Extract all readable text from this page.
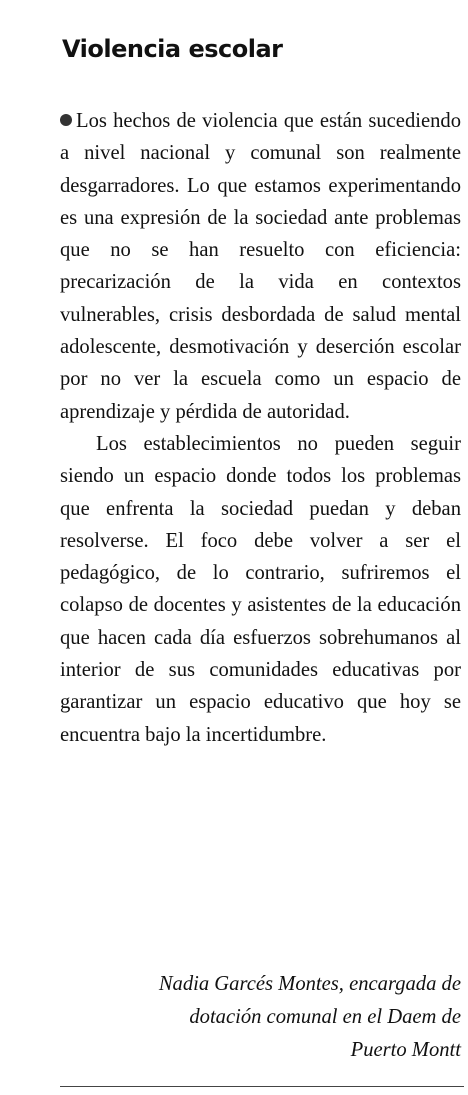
Violencia escolar

Los hechos de violencia que están sucediendo a nivel nacional y comunal son realmente desgarradores. Lo que estamos experimentando es una expresión de la sociedad ante problemas que no se han resuelto con eficiencia: precarización de la vida en contextos vulnerables, crisis desbordada de salud mental adolescente, desmotivación y deserción escolar por no ver la escuela como un espacio de aprendizaje y pérdida de autoridad.

Los establecimientos no pueden seguir siendo un espacio donde todos los problemas que enfrenta la sociedad puedan y deban resolverse. El foco debe volver a ser el pedagógico, de lo contrario, sufriremos el colapso de docentes y asistentes de la educación que hacen cada día esfuerzos sobrehumanos al interior de sus comunidades educativas por garantizar un espacio educativo que hoy se encuentra bajo la incertidumbre.

Nadia Garcés Montes, encargada de
dotación comunal en el Daem de
Puerto Montt
